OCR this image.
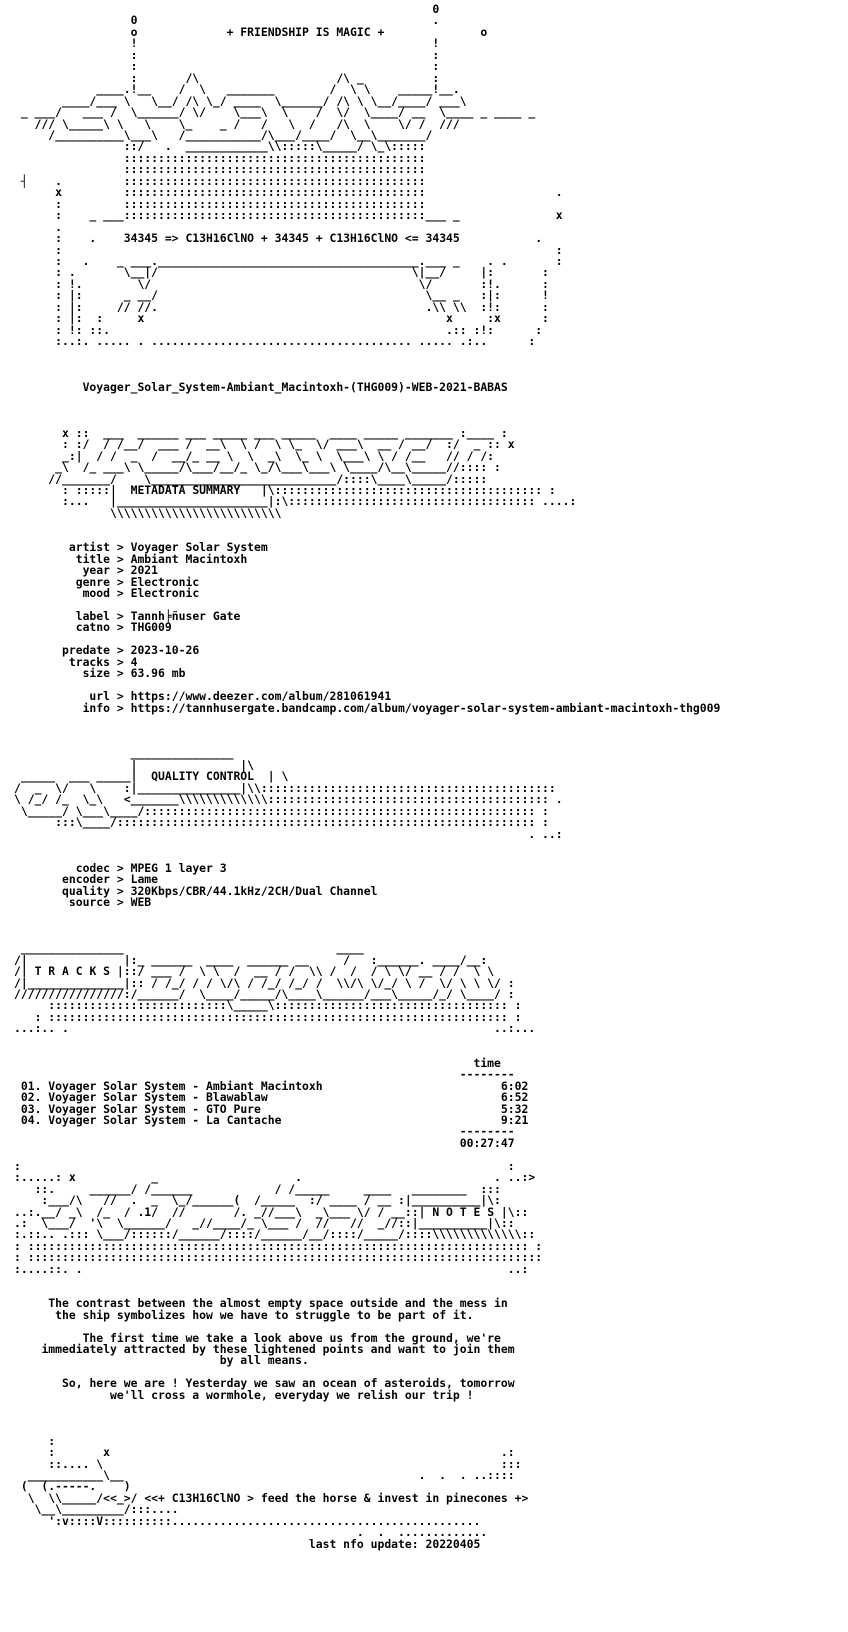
0
0                                           .
o	+ FRIENDSHIP IS MAGIC +	o
!                                           !
:                                           :
:                                           :
:       /\                    /\ _          :
____.!__    /  \   _______        /  \ \    _____!__.
____/___ \   \__/ /\ \_/ ____  \______/ /\ \ \__/____/ ___\
_ ___/   ___ /  \______/ \/    \___\  \    /  \/  \____/ __  \____ _ ____ _
/// \_____\ \   \    \_    _ /   /   \  /   /\  \    \/ /  ///
/__________\___\   /___________/\___/____/  \__\_______/
::/   .  ____________\\:::::\_____/ \_\:::::
::::::::::::::::::::::::::::::::::::::::::::
::::::::::::::::::::::::::::::::::::::::::::
┤    .         ::::::::::::::::::::::::::::::::::::::::::::
x         ::::::::::::::::::::::::::::::::::::::::::::                   .
:         ::::::::::::::::::::::::::::::::::::::::::::
:    _ ___::::::::::::::::::::::::::::::::::::::::::::___ _              x
.
:    .    34345 => C13H16ClNO + 34345 + C13H16ClNO <= 34345	.
:                                                                        :
:   .    _ ___.______________________________________.___ _    . .       :
: .       \__|/                                     \|__/     |:       :
: !.        \/                                       \/       :!.      :
: |:      _ __/                                       \__ _   :|:      !
: |:     // //.                                       .\\ \\  :!:      :
: |:  :     x                                            x     :x      :
: !: ::.                                                 .:: :!:      :
:..:. ..... . ...................................... ..... .:..      :

Voyager_Solar_System-Ambiant_Macintoxh-(THG009)-WEB-2021-BABAS

x ::  ___  ______ ___ _____ ___ _____  ____ _____ _______ :____ :
: :/  / /__/  ___ /  __\  \ /  \ \_  \/ ___\  __ / __/  :/  _ :: x
_:|  / /  _  /  __/_ __ \  \  _\  \_ \  \___\ \ / /__   // / /:
_\  /_ ___\ \_____/\___/__/_ \_/\___\___\ \____/\__\_____//:::: :
//_______/    \___________________________/::::\____\_____/:::::
: :::::|  METADATA SUMMARY   |\::::::::::::::::::::::::::::::::::::::: :
:...   |______________________|:\:::::::::::::::::::::::::::::::::::: ....:
\\\\\\\\\\\\\\\\\\\\\\\\\

artist > Voyager Solar System
title > Ambiant Macintoxh
year > 2021
genre > Electronic
mood > Electronic

label > Tannh╞ñuser Gate
catno > THG009

predate > 2023-10-26
tracks > 4
size > 63.96 mb

url > https://www.deezer.com/album/281061941
info > https://tannhusergate.bandcamp.com/album/voyager-solar-system-ambiant-macintoxh-thg009

_______________
|               |\
_____  ___ _____|  QUALITY CONTROL  | \
/  _  \/   \    :|_______________|\\:::::::::::::::::::::::::::::::::::::::::::
\ /_/ /_  \_\   <_______\\\\\\\\\\\\\::::::::::::::::::::::::::::::::::::::::: .
\_____/ \___\____/::::::::::::::::::::::::::::::::::::::::::::::::::::::::: :
:::\____/::::::::::::::::::::::::::::::::::::::::::::::::::::::::::::: :
. ..:

codec > MPEG 1 layer 3
encoder > Lame
quality > 320Kbps/CBR/44.1kHz/2CH/Dual Channel
source > WEB

_______________                               ____
/|              |:_ ______  ____  ______ __     /   :______. ____/__:
/| T R A C K S |::/ ___ /  \ \  /  __ / /  \\ /  /  / \ \/ __ / /  \ \
/|______________|:: / /_/ / / \/\ / /_/ /_/ /  \\/\ \/_/ \ /  \/ \ \ \/ :
////////////////:/______/  \____/_____/\____\______/___\_____/_/ \____/ :
::::::::::::::::::::::::::\_____\:::::::::::::::::::::::::::::::::: :
: ::::::::::::::::::::::::::::::::::::::::::::::::::::::::::::::::::: :
...:.. .                                                              ..:...

time
--------
01. Voyager Solar System - Ambiant Macintoxh	6:02
02. Voyager Solar System - Blawablaw	6:52
03. Voyager Solar System - GTO Pure	5:32
04. Voyager Solar System - La Cantache	9:21
--------
00:27:47

:                                                                       :
:.....: x           _                    .                            . ..:>
::.     ______/ /______            / /_____     ____   ________  :::
:___/\   //  .  _  \_/______(  /_____  :/ ____ / __ :|__________|\:
..:.__/ _\  /_  / .1/  //       /. _//___\  _\___ \/ / __::| N O T E S |\::
.:  \___/  '\  \______/   _//____/_ \___ /  //   //  _//::|__________|\::
:.::.. .::: \___/::::::/______/::::/______/__/::::/_____/::::\\\\\\\\\\\\\::
: ::::::::::::::::::::::::::::::::::::::::::::::::::::::::::::::::::::::::: :
: :::::::::::::::::::::::::::::::::::::::::::::::::::::::::::::::::::::::::::
:....::. .                                                              ..:

The contrast between the almost empty space outside and the mess in
the ship symbolizes how we have to struggle to be part of it.

The first time we take a look above us from the ground, we're
immediately attracted by these lightened points and want to join them
by all means.

So, here we are ! Yesterday we saw an ocean of asteroids, tomorrow
we'll cross a wormhole, everyday we relish our trip !

:
:       x                                                         .:
::.... \                                                          :::
___________\__                                           .  .  . ..::::
(  (.-----.    )
\  \\_____/<<_>/ <<+ C13H16ClNO > feed the horse & invest in pinecones +>
\__\_________/:::....
':v::::V::::::::::.............................................
.  .  .............
last nfo update: 20220405
